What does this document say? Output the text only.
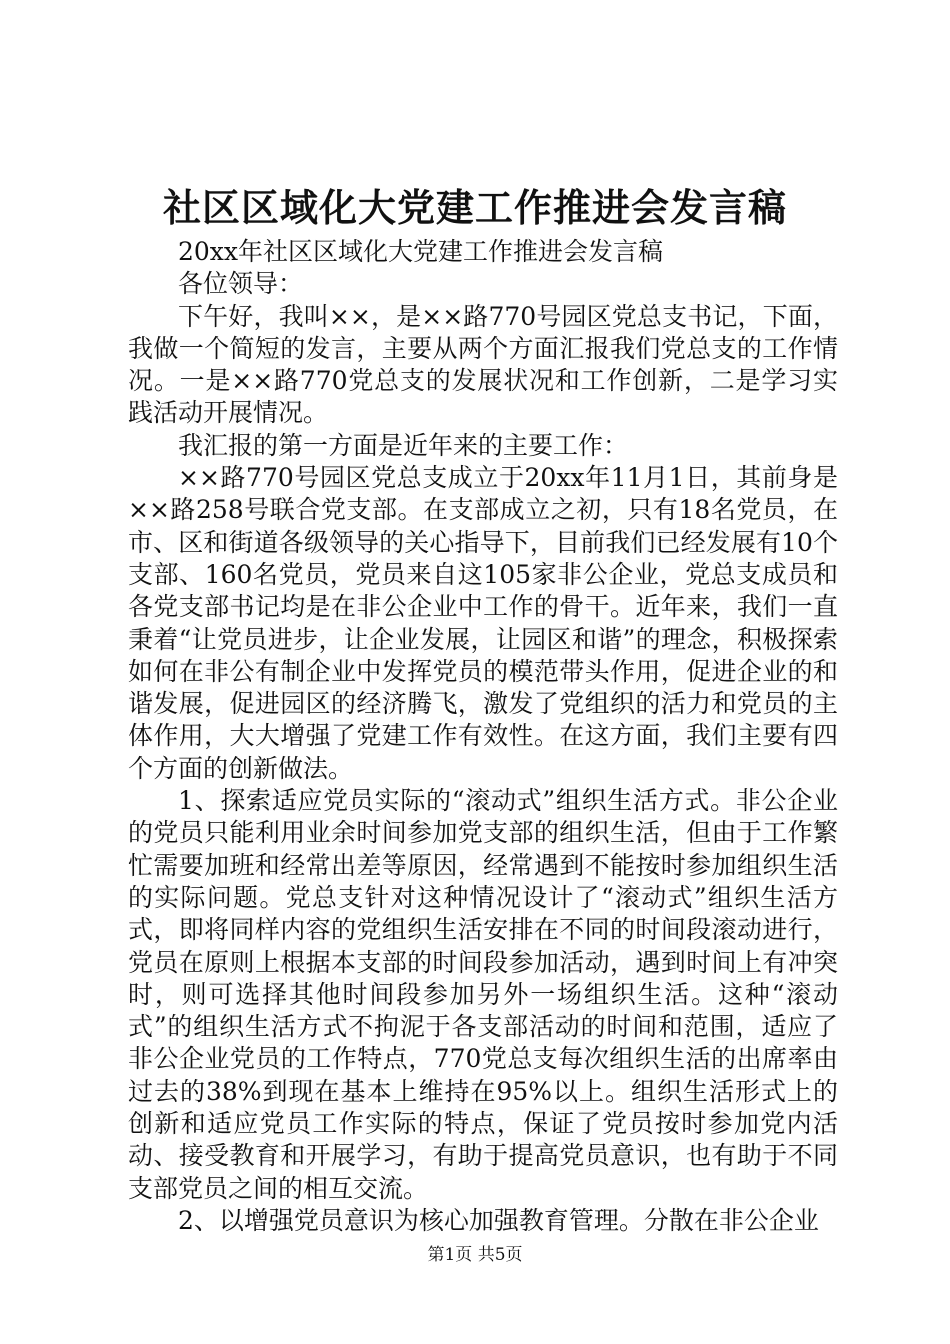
社区区域化大党建工作推进会发言稿

20xx年社区区域化大党建工作推进会发言稿

各位领导：

下午好，我叫××，是××路770号园区党总支书记，下面，我做一个简短的发言，主要从两个方面汇报我们党总支的工作情况。一是××路770党总支的发展状况和工作创新，二是学习实践活动开展情况。

我汇报的第一方面是近年来的主要工作：

××路770号园区党总支成立于20xx年11月1日，其前身是××路258号联合党支部。在支部成立之初，只有18名党员，在市、区和街道各级领导的关心指导下，目前我们已经发展有10个支部、160名党员，党员来自这105家非公企业，党总支成员和各党支部书记均是在非公企业中工作的骨干。近年来，我们一直秉着“让党员进步，让企业发展，让园区和谐”的理念，积极探索如何在非公有制企业中发挥党员的模范带头作用，促进企业的和谐发展，促进园区的经济腾飞，激发了党组织的活力和党员的主体作用，大大增强了党建工作有效性。在这方面，我们主要有四个方面的创新做法。

1、探索适应党员实际的“滚动式”组织生活方式。非公企业的党员只能利用业余时间参加党支部的组织生活，但由于工作繁忙需要加班和经常出差等原因，经常遇到不能按时参加组织生活的实际问题。党总支针对这种情况设计了“滚动式”组织生活方式，即将同样内容的党组织生活安排在不同的时间段滚动进行，党员在原则上根据本支部的时间段参加活动，遇到时间上有冲突时，则可选择其他时间段参加另外一场组织生活。这种“滚动式”的组织生活方式不拘泥于各支部活动的时间和范围，适应了非公企业党员的工作特点，770党总支每次组织生活的出席率由过去的38%到现在基本上维持在95%以上。组织生活形式上的创新和适应党员工作实际的特点，保证了党员按时参加党内活动、接受教育和开展学习，有助于提高党员意识，也有助于不同支部党员之间的相互交流。

2、以增强党员意识为核心加强教育管理。分散在非公企业

第1页 共5页
